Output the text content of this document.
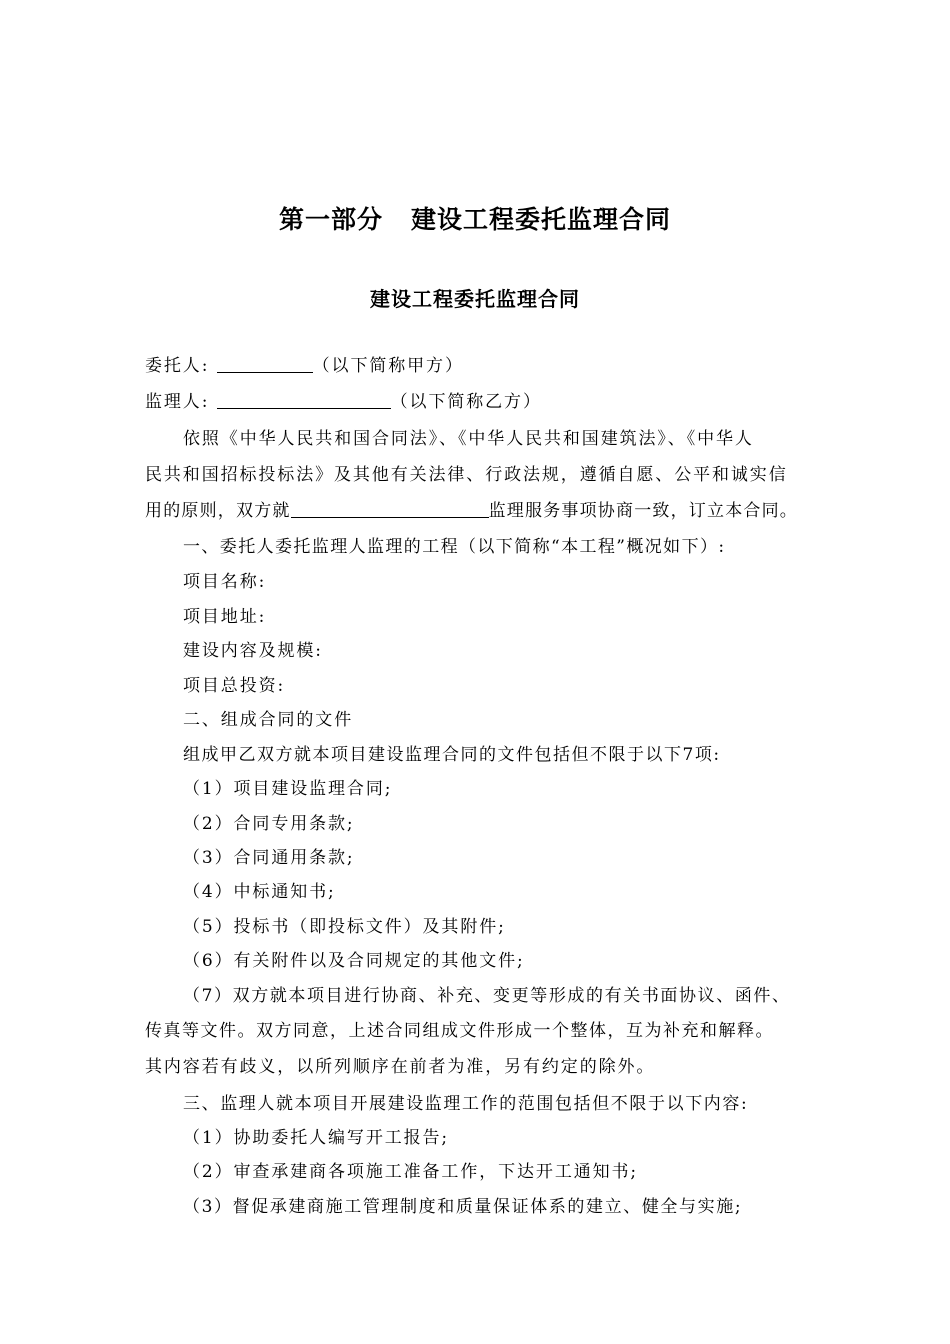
第一部分 建设工程委托监理合同
建设工程委托监理合同
委托人:	（以下简称甲方）
监理人:	（以下简称乙方）
依照《中华人民共和国合同法》、《中华人民共和国建筑法》、《中华人
民共和国招标投标法》及其他有关法律、行政法规，遵循自愿、公平和诚实信
用的原则，双方就	监理服务事项协商一致，订立本合同。
一、委托人委托监理人监理的工程（以下简称“本工程”概况如下）:
项目名称:
项目地址:
建设内容及规模:
项目总投资:
二、组成合同的文件
组成甲乙双方就本项目建设监理合同的文件包括但不限于以下7项:
（1）项目建设监理合同;
（2）合同专用条款;
（3）合同通用条款;
（4）中标通知书;
（5）投标书（即投标文件）及其附件;
（6）有关附件以及合同规定的其他文件;
（7）双方就本项目进行协商、补充、变更等形成的有关书面协议、函件、
传真等文件。双方同意，上述合同组成文件形成一个整体，互为补充和解释。
其内容若有歧义，以所列顺序在前者为准，另有约定的除外。
三、监理人就本项目开展建设监理工作的范围包括但不限于以下内容:
（1）协助委托人编写开工报告;
（2）审查承建商各项施工准备工作，下达开工通知书;
（3）督促承建商施工管理制度和质量保证体系的建立、健全与实施;
